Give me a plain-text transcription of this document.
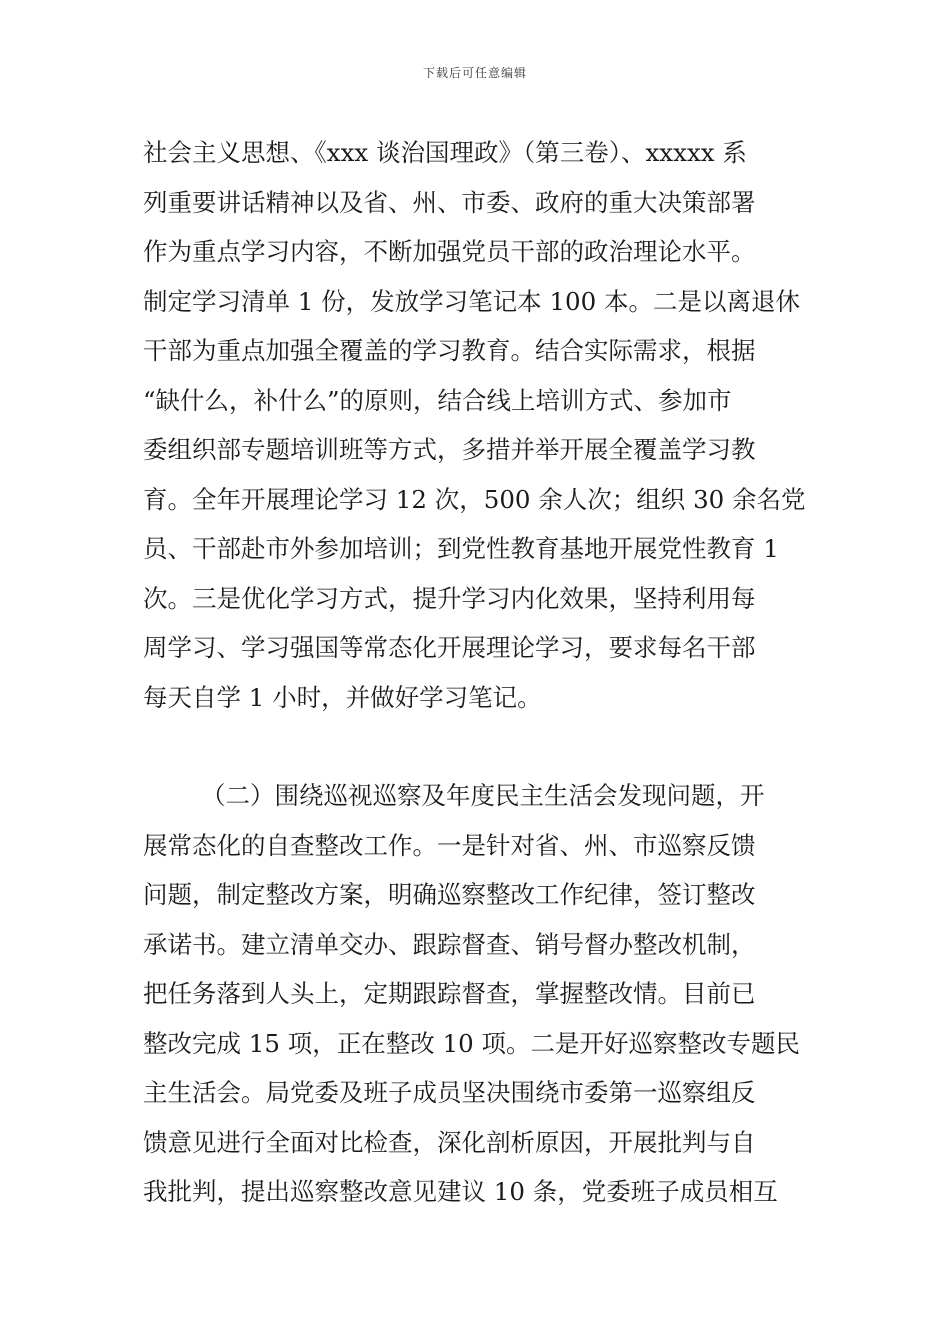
下载后可任意编辑
社会主义思想、《xxx 谈治国理政》（第三卷）、xxxxx 系
列重要讲话精神以及省、州、市委、政府的重大决策部署
作为重点学习内容，不断加强党员干部的政治理论水平。
制定学习清单 1 份，发放学习笔记本 100 本。二是以离退休
干部为重点加强全覆盖的学习教育。结合实际需求，根据
“缺什么，补什么”的原则，结合线上培训方式、参加市
委组织部专题培训班等方式，多措并举开展全覆盖学习教
育。全年开展理论学习 12 次，500 余人次；组织 30 余名党
员、干部赴市外参加培训；到党性教育基地开展党性教育 1
次。三是优化学习方式，提升学习内化效果，坚持利用每
周学习、学习强国等常态化开展理论学习，要求每名干部
每天自学 1 小时，并做好学习笔记。
（二）围绕巡视巡察及年度民主生活会发现问题，开
展常态化的自查整改工作。一是针对省、州、市巡察反馈
问题，制定整改方案，明确巡察整改工作纪律，签订整改
承诺书。建立清单交办、跟踪督查、销号督办整改机制，
把任务落到人头上，定期跟踪督查，掌握整改情。目前已
整改完成 15 项，正在整改 10 项。二是开好巡察整改专题民
主生活会。局党委及班子成员坚决围绕市委第一巡察组反
馈意见进行全面对比检查，深化剖析原因，开展批判与自
我批判，提出巡察整改意见建议 10 条，党委班子成员相互
